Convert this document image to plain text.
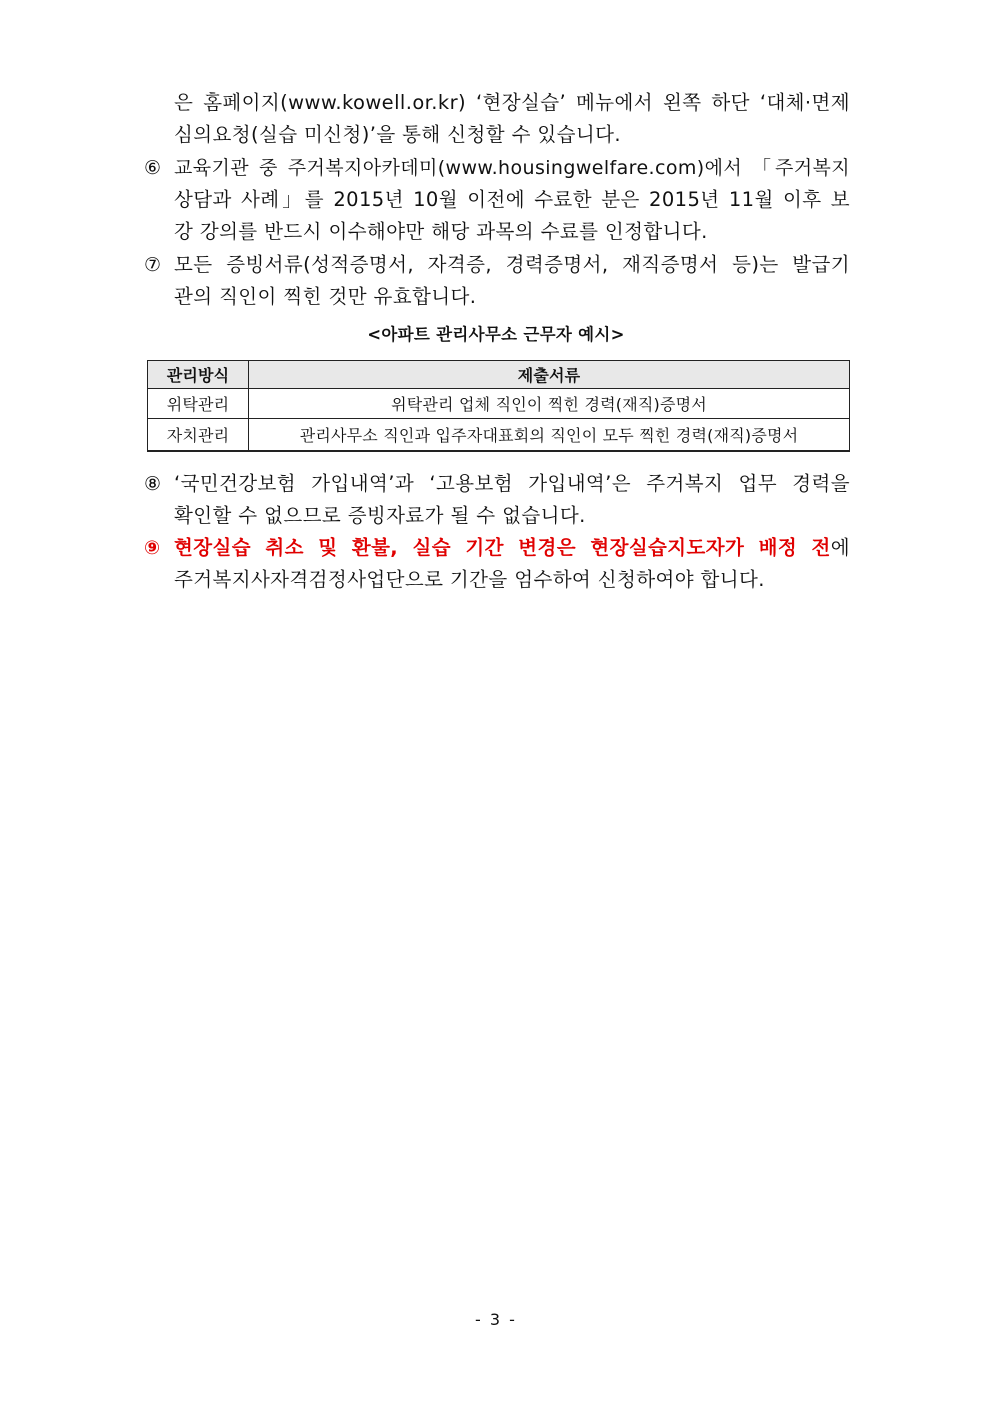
은 홈페이지(www.kowell.or.kr) ‘현장실습’ 메뉴에서 왼쪽 하단 ‘대체·면제
심의요청(실습 미신청)’을 통해 신청할 수 있습니다.
⑥ 교육기관 중 주거복지아카데미(www.housingwelfare.com)에서 「주거복지
상담과 사례」를 2015년 10월 이전에 수료한 분은 2015년 11월 이후 보
강 강의를 반드시 이수해야만 해당 과목의 수료를 인정합니다.
⑦ 모든 증빙서류(성적증명서, 자격증, 경력증명서, 재직증명서 등)는 발급기
관의 직인이 찍힌 것만 유효합니다.
<아파트 관리사무소 근무자 예시>
관리방식	제출서류
위탁관리	위탁관리 업체 직인이 찍힌 경력(재직)증명서
자치관리	관리사무소 직인과 입주자대표회의 직인이 모두 찍힌 경력(재직)증명서
⑧ ‘국민건강보험 가입내역’과 ‘고용보험 가입내역’은 주거복지 업무 경력을
확인할 수 없으므로 증빙자료가 될 수 없습니다.
⑨ 현장실습 취소 및 환불, 실습 기간 변경은 현장실습지도자가 배정 전에
주거복지사자격검정사업단으로 기간을 엄수하여 신청하여야 합니다.
- 3 -
